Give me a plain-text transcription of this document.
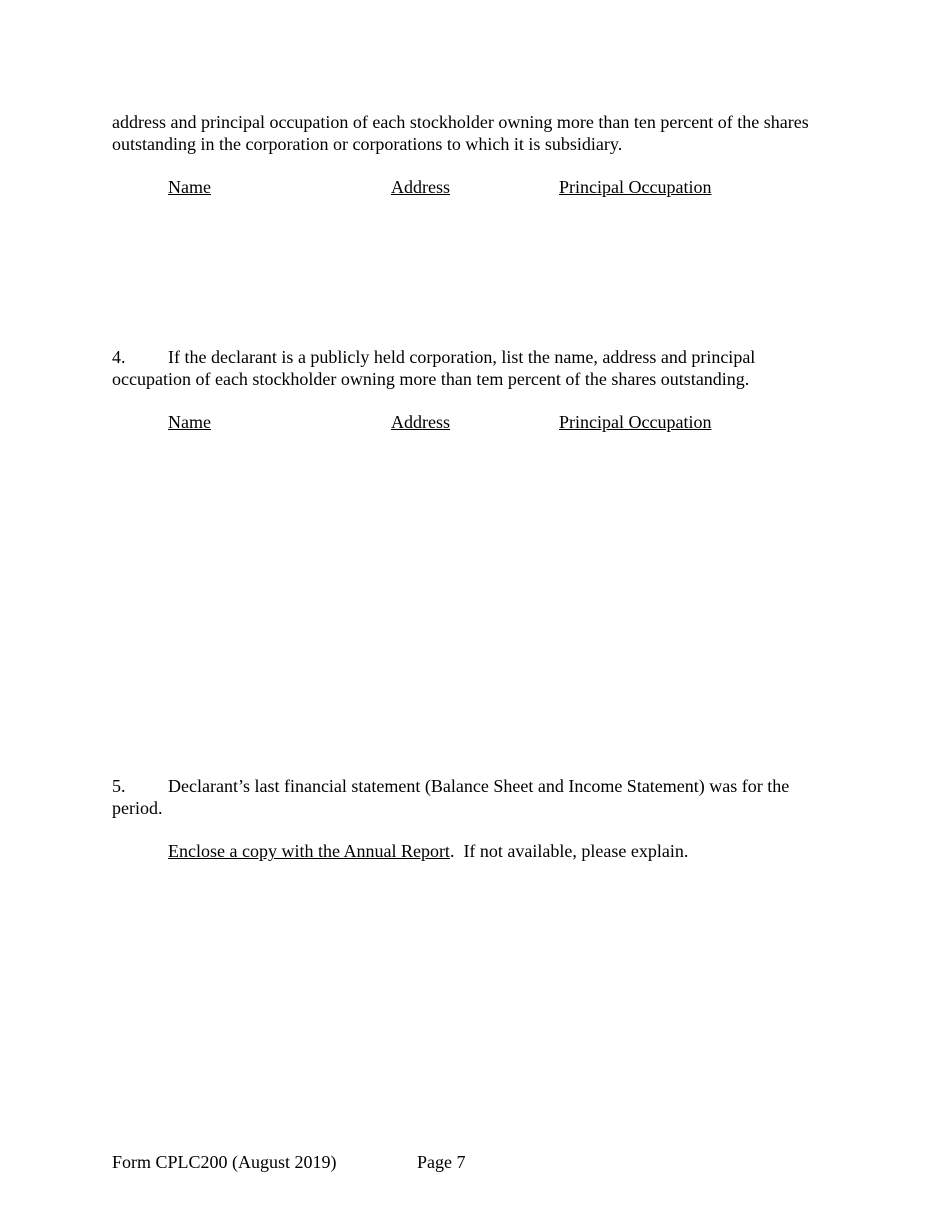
address and principal occupation of each stockholder owning more than ten percent of the shares
outstanding in the corporation or corporations to which it is subsidiary.
Name	Address	Principal Occupation
4. If the declarant is a publicly held corporation, list the name, address and principal
occupation of each stockholder owning more than tem percent of the shares outstanding.
Name	Address	Principal Occupation
5. Declarant’s last financial statement (Balance Sheet and Income Statement) was for the
period.
Enclose a copy with the Annual Report.  If not available, please explain.
Form CPLC200 (August 2019)	Page 7
